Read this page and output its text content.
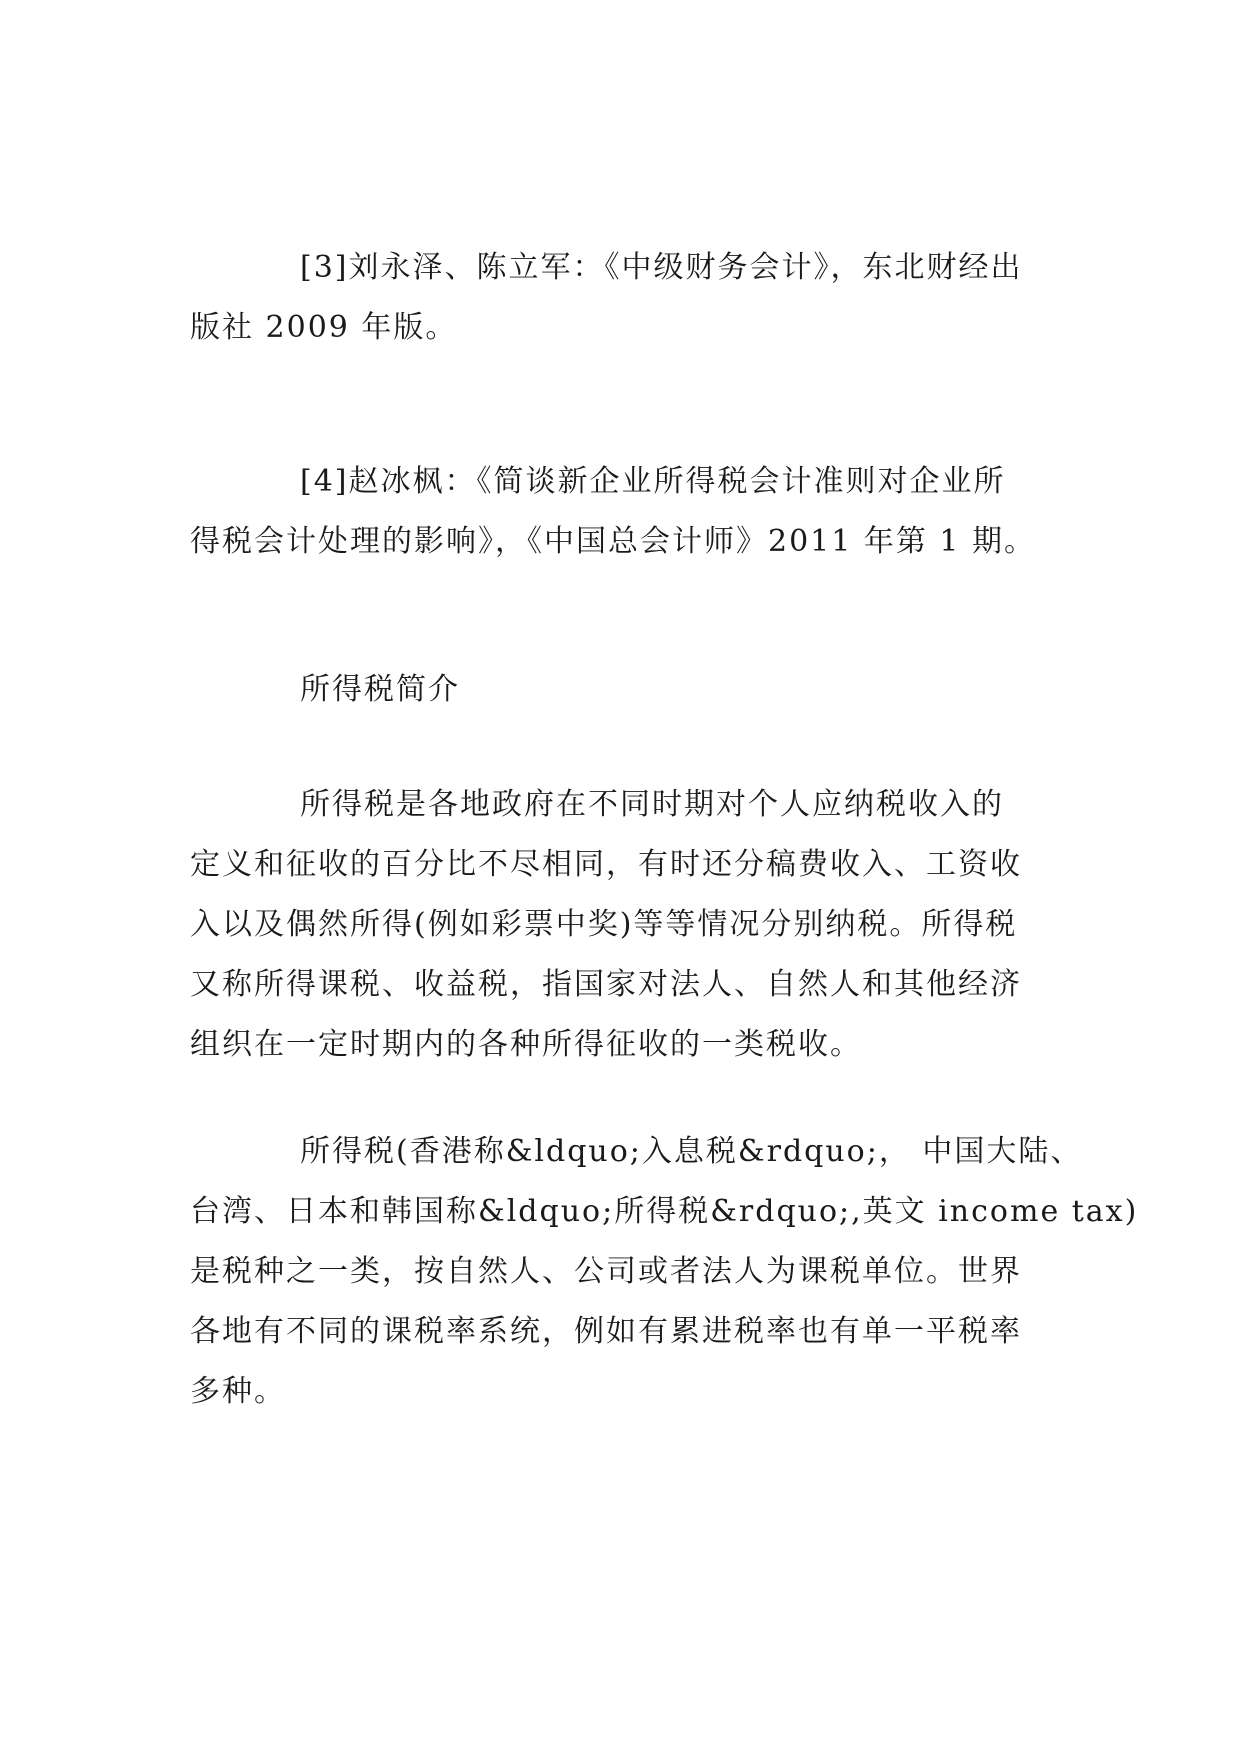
[3]刘永泽、陈立军：《中级财务会计》，东北财经出
版社 2009 年版。
[4]赵冰枫：《简谈新企业所得税会计准则对企业所
得税会计处理的影响》，《中国总会计师》2011 年第 1 期。
所得税简介
所得税是各地政府在不同时期对个人应纳税收入的
定义和征收的百分比不尽相同，有时还分稿费收入、工资收
入以及偶然所得(例如彩票中奖)等等情况分别纳税。所得税
又称所得课税、收益税，指国家对法人、自然人和其他经济
组织在一定时期内的各种所得征收的一类税收。
所得税(香港称&ldquo;入息税&rdquo;， 中国大陆、
台湾、日本和韩国称&ldquo;所得税&rdquo;,英文 income tax)
是税种之一类，按自然人、公司或者法人为课税单位。世界
各地有不同的课税率系统，例如有累进税率也有单一平税率
多种。
